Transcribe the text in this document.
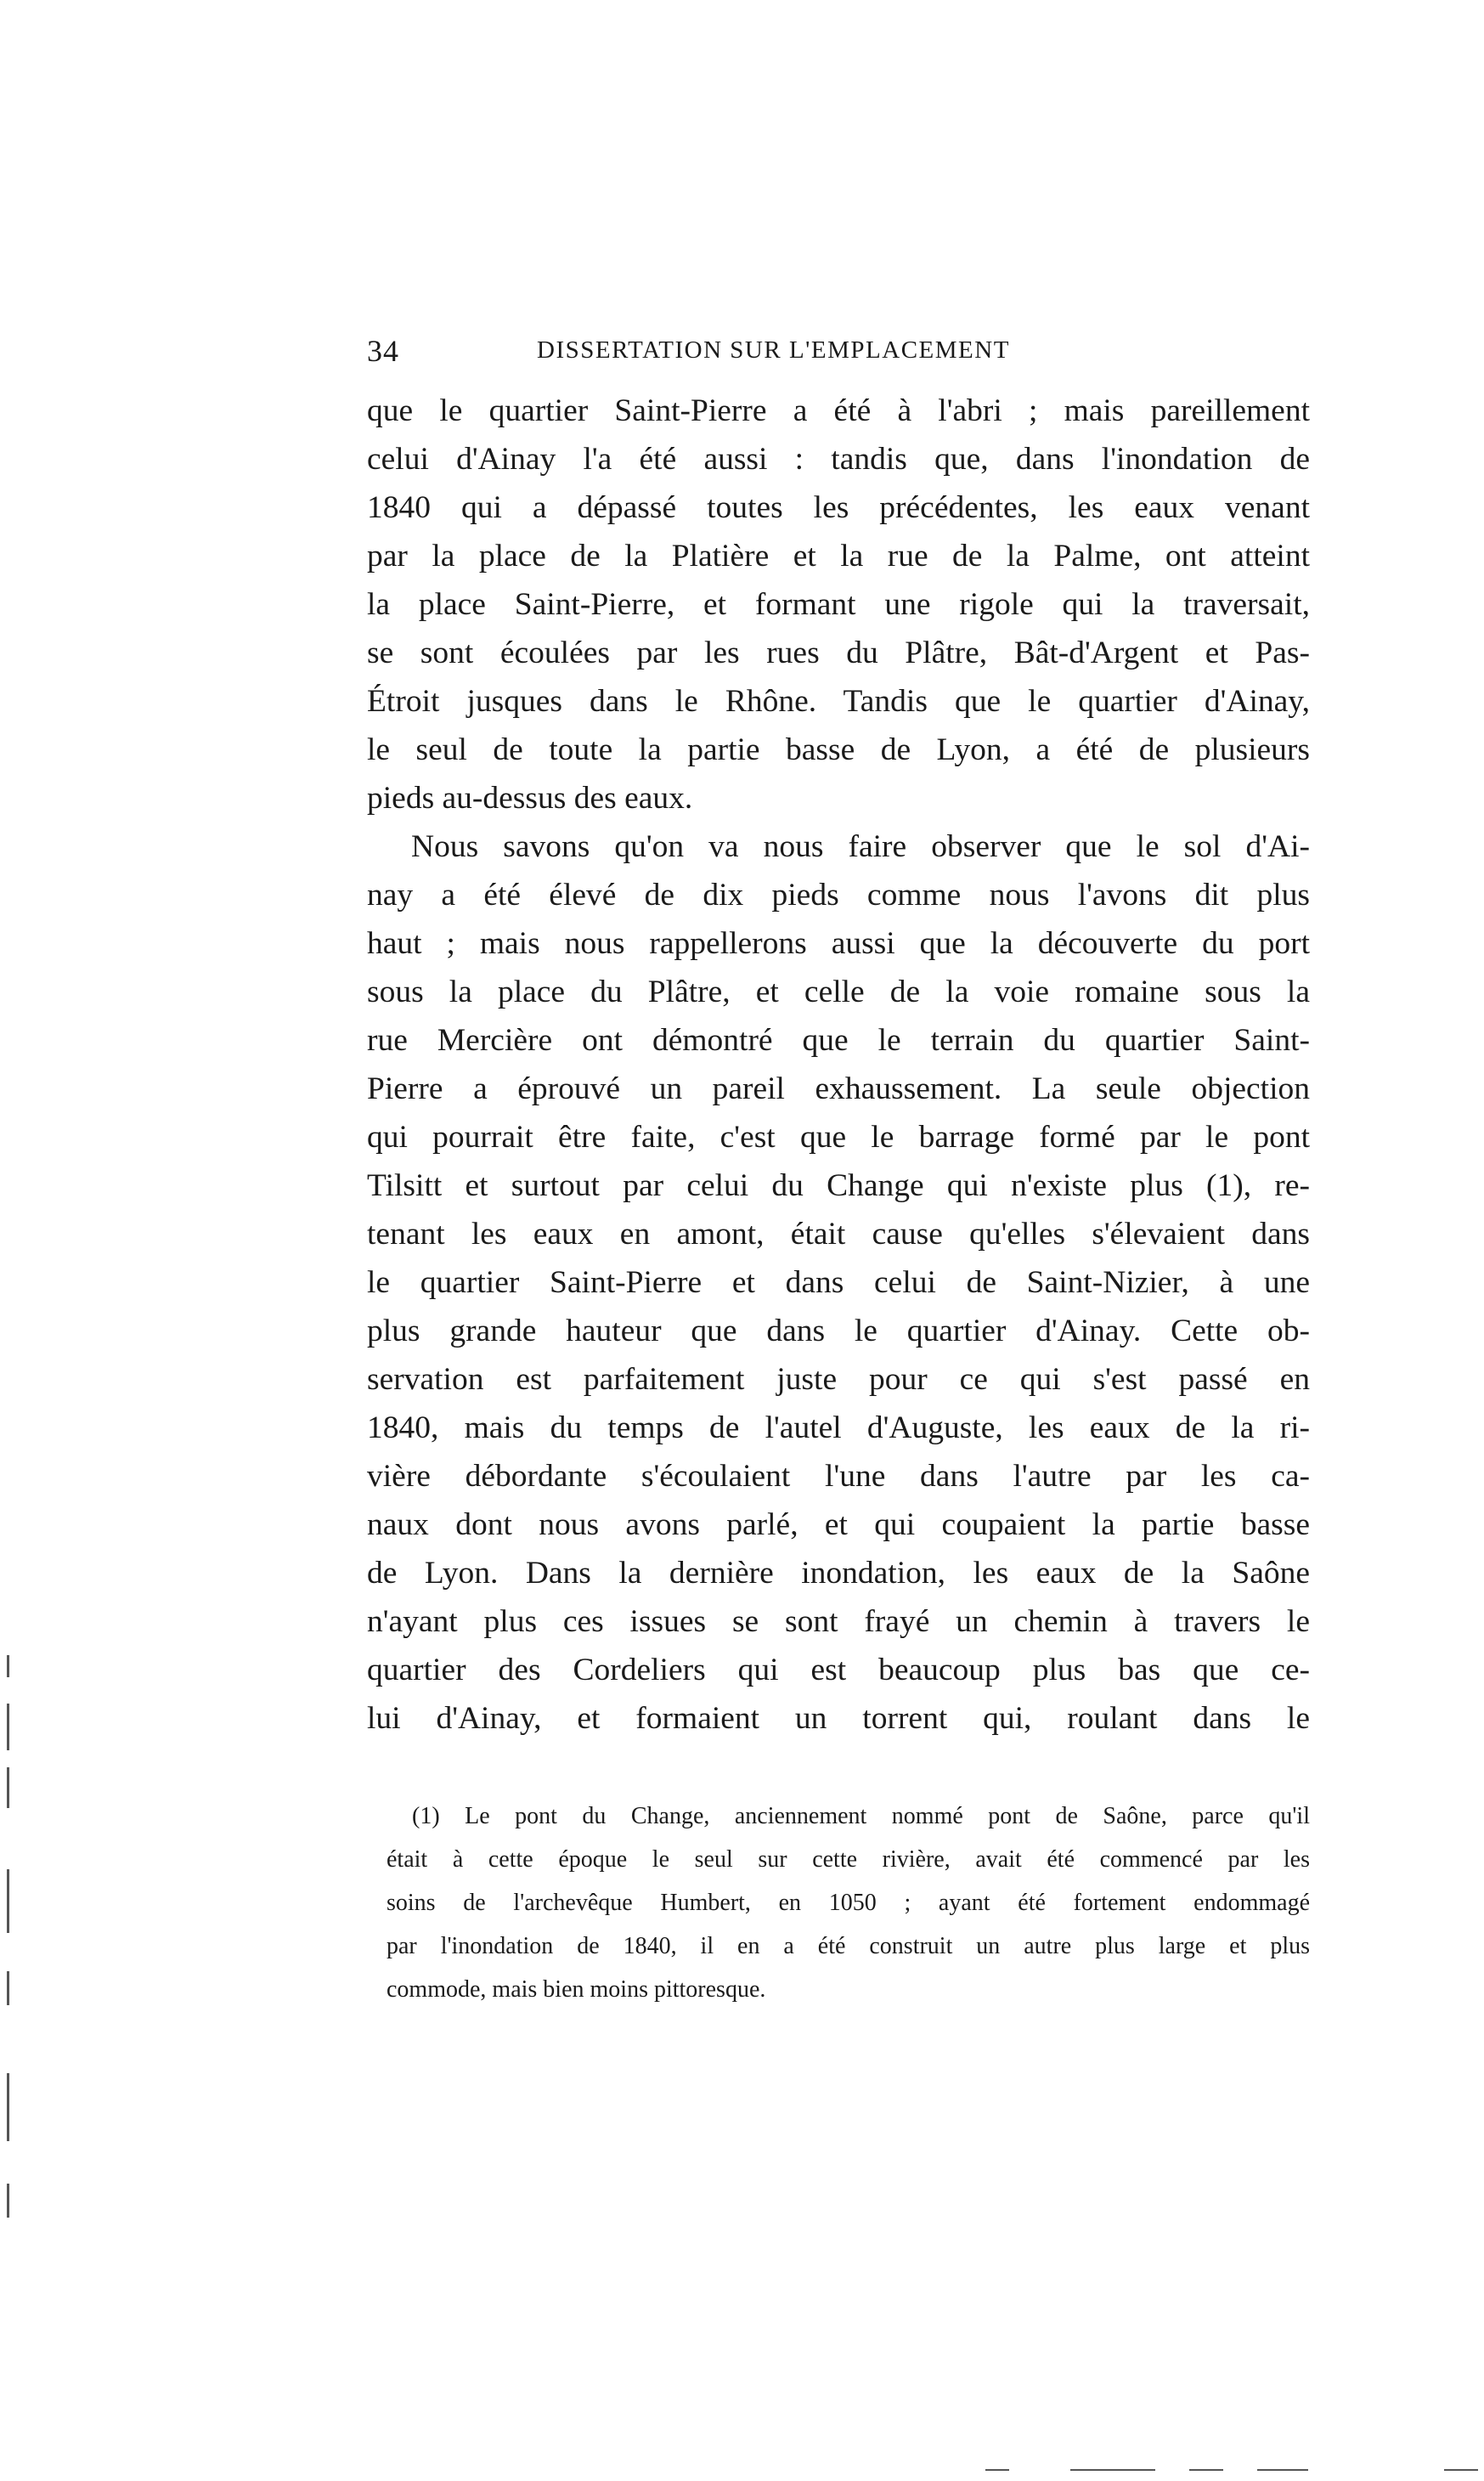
34	DISSERTATION SUR L'EMPLACEMENT
que le quartier Saint-Pierre a été à l'abri ; mais pareillement
celui d'Ainay l'a été aussi : tandis que, dans l'inondation de
1840 qui a dépassé toutes les précédentes, les eaux venant
par la place de la Platière et la rue de la Palme, ont atteint
la place Saint-Pierre, et formant une rigole qui la traversait,
se sont écoulées par les rues du Plâtre, Bât-d'Argent et Pas-
Étroit jusques dans le Rhône. Tandis que le quartier d'Ainay,
le seul de toute la partie basse de Lyon, a été de plusieurs
pieds au-dessus des eaux.
Nous savons qu'on va nous faire observer que le sol d'Ai-
nay a été élevé de dix pieds comme nous l'avons dit plus
haut ; mais nous rappellerons aussi que la découverte du port
sous la place du Plâtre, et celle de la voie romaine sous la
rue Mercière ont démontré que le terrain du quartier Saint-
Pierre a éprouvé un pareil exhaussement. La seule objection
qui pourrait être faite, c'est que le barrage formé par le pont
Tilsitt et surtout par celui du Change qui n'existe plus (1), re-
tenant les eaux en amont, était cause qu'elles s'élevaient dans
le quartier Saint-Pierre et dans celui de Saint-Nizier, à une
plus grande hauteur que dans le quartier d'Ainay. Cette ob-
servation est parfaitement juste pour ce qui s'est passé en
1840, mais du temps de l'autel d'Auguste, les eaux de la ri-
vière débordante s'écoulaient l'une dans l'autre par les ca-
naux dont nous avons parlé, et qui coupaient la partie basse
de Lyon. Dans la dernière inondation, les eaux de la Saône
n'ayant plus ces issues se sont frayé un chemin à travers le
quartier des Cordeliers qui est beaucoup plus bas que ce-
lui d'Ainay, et formaient un torrent qui, roulant dans le
(1) Le pont du Change, anciennement nommé pont de Saône, parce qu'il
était à cette époque le seul sur cette rivière, avait été commencé par les
soins de l'archevêque Humbert, en 1050 ; ayant été fortement endommagé
par l'inondation de 1840, il en a été construit un autre plus large et plus
commode, mais bien moins pittoresque.
